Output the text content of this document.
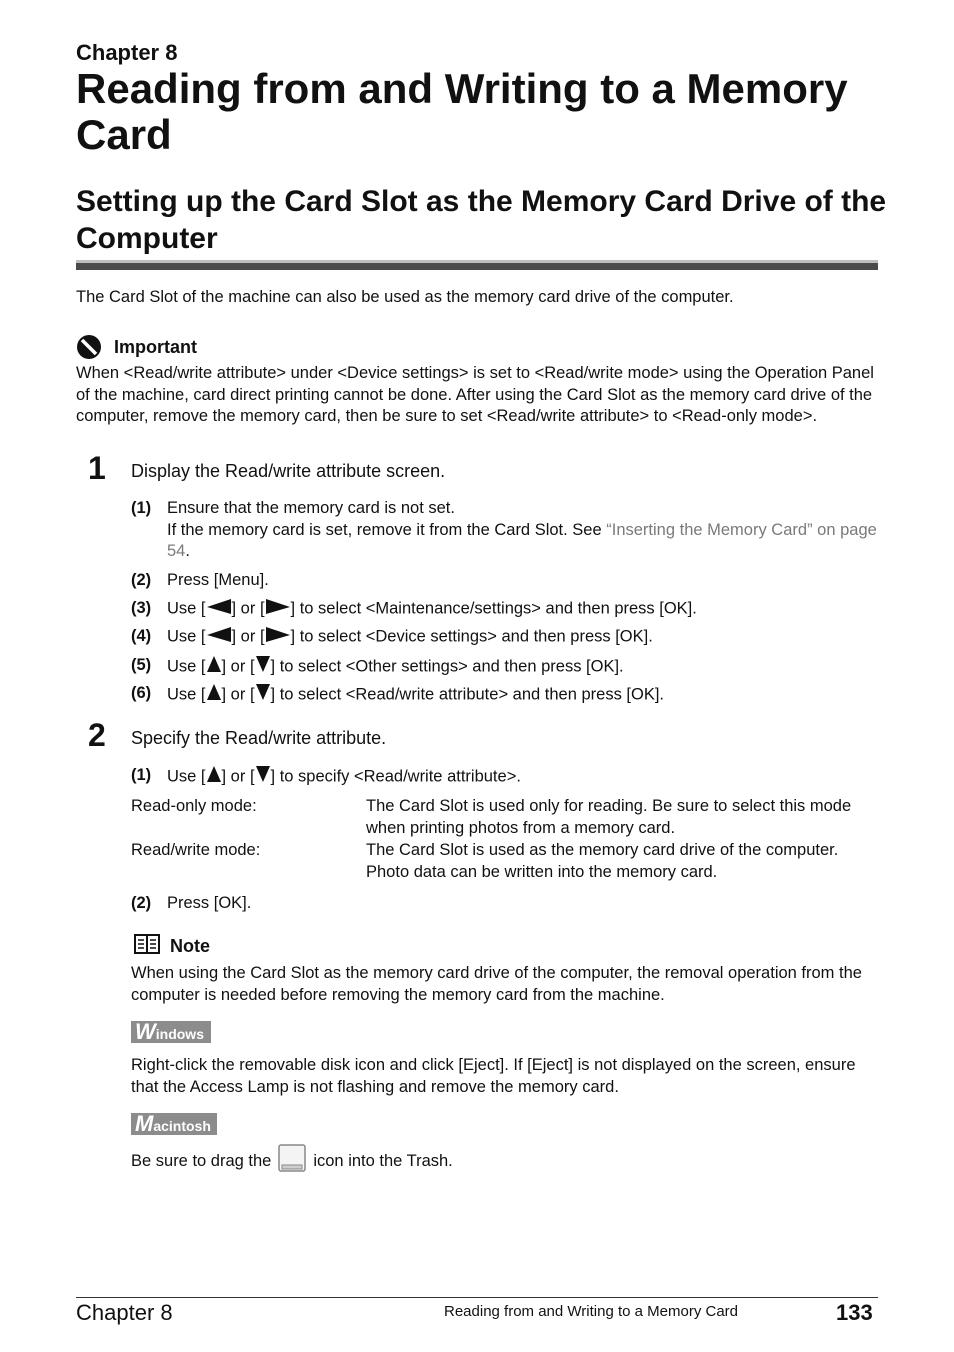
Chapter 8
Reading from and Writing to a Memory Card
Setting up the Card Slot as the Memory Card Drive of the Computer
The Card Slot of the machine can also be used as the memory card drive of the computer.
Important
When <Read/write attribute> under <Device settings> is set to <Read/write mode> using the Operation Panel of the machine, card direct printing cannot be done. After using the Card Slot as the memory card drive of the computer, remove the memory card, then be sure to set <Read/write attribute> to <Read-only mode>.
1 Display the Read/write attribute screen.
(1) Ensure that the memory card is not set.
If the memory card is set, remove it from the Card Slot. See “Inserting the Memory Card” on page 54.
(2) Press [Menu].
(3) Use [ ] or [ ] to select <Maintenance/settings> and then press [OK].
(4) Use [ ] or [ ] to select <Device settings> and then press [OK].
(5) Use [ ] or [ ] to select <Other settings> and then press [OK].
(6) Use [ ] or [ ] to select <Read/write attribute> and then press [OK].
2 Specify the Read/write attribute.
(1) Use [ ] or [ ] to specify <Read/write attribute>.
Read-only mode:	The Card Slot is used only for reading. Be sure to select this mode when printing photos from a memory card.
Read/write mode:	The Card Slot is used as the memory card drive of the computer. Photo data can be written into the memory card.
(2) Press [OK].
Note
When using the Card Slot as the memory card drive of the computer, the removal operation from the computer is needed before removing the memory card from the machine.
W indows
Right-click the removable disk icon and click [Eject]. If [Eject] is not displayed on the screen, ensure that the Access Lamp is not flashing and remove the memory card.
M acintosh
Be sure to drag the	icon into the Trash.
Chapter 8	Reading from and Writing to a Memory Card	133
